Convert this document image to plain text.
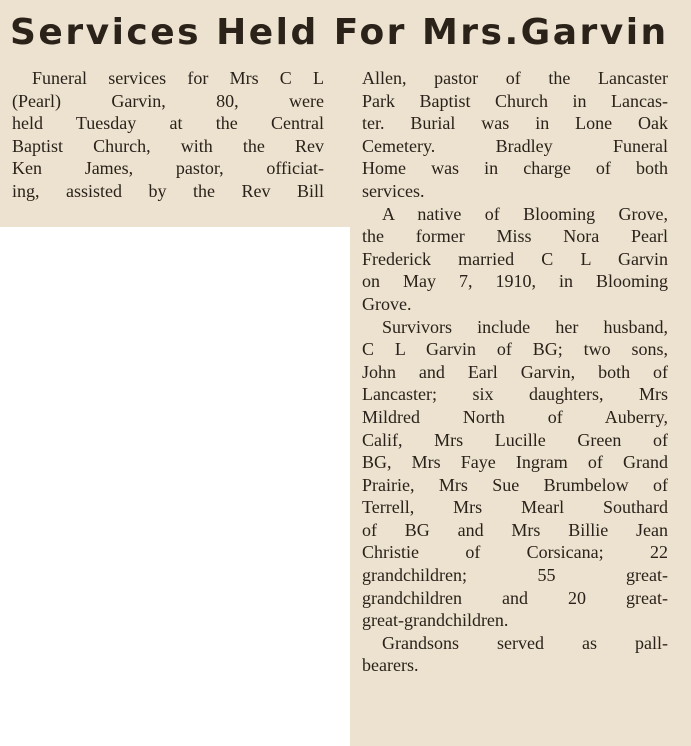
Services Held For Mrs.Garvin
Funeral services for Mrs C L
(Pearl) Garvin, 80, were
held Tuesday at the Central
Baptist Church, with the Rev
Ken James, pastor, officiat-
ing, assisted by the Rev Bill
Allen, pastor of the Lancaster
Park Baptist Church in Lancas-
ter. Burial was in Lone Oak
Cemetery. Bradley Funeral
Home was in charge of both
services.
A native of Blooming Grove,
the former Miss Nora Pearl
Frederick married C L Garvin
on May 7, 1910, in Blooming
Grove.
Survivors include her husband,
C L Garvin of BG; two sons,
John and Earl Garvin, both of
Lancaster; six daughters, Mrs
Mildred North of Auberry,
Calif, Mrs Lucille Green of
BG, Mrs Faye Ingram of Grand
Prairie, Mrs Sue Brumbelow of
Terrell, Mrs Mearl Southard
of BG and Mrs Billie Jean
Christie of Corsicana; 22
grandchildren; 55 great-
grandchildren and 20 great-
great-grandchildren.
Grandsons served as pall-
bearers.
